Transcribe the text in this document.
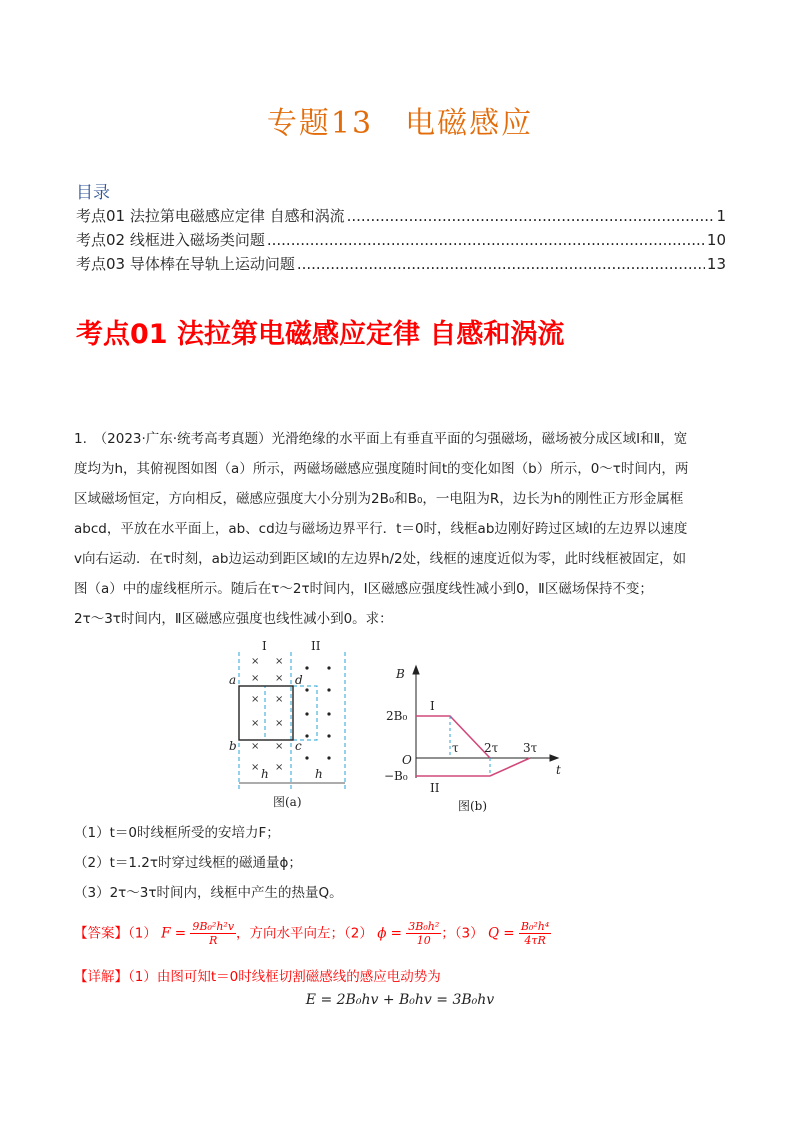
专题13　电磁感应
目录
考点01 法拉第电磁感应定律 自感和涡流 .....	1
考点02 线框进入磁场类问题 .....	10
考点03 导体棒在导轨上运动问题 .....	13
考点01 法拉第电磁感应定律 自感和涡流
1.　 （2023·广东·统考高考真题）光滑绝缘的水平面上有垂直平面的匀强磁场，磁场被分成区域Ⅰ和Ⅱ，宽
度均为h，其俯视图如图（a）所示，两磁场磁感应强度随时间t的变化如图（b）所示，0～τ时间内，两
区域磁场恒定，方向相反，磁感应强度大小分别为2B₀和B₀，一电阻为R，边长为h的刚性正方形金属框
abcd，平放在水平面上，ab、cd边与磁场边界平行．t＝0时，线框ab边刚好跨过区域Ⅰ的左边界以速度
v向右运动．在τ时刻，ab边运动到距区域Ⅰ的左边界h/2处，线框的速度近似为零，此时线框被固定，如
图（a）中的虚线框所示。随后在τ～2τ时间内，Ⅰ区磁感应强度线性减小到0，Ⅱ区磁场保持不变；
2τ～3τ时间内，Ⅱ区磁感应强度也线性减小到0。求：
× ×
× ×
× ×
× ×
× ×
× ×
I	II
a	d
b	c
h	h
图(a)
B
t
O
2B₀
−B₀
I
II
τ 2τ 3τ
图(b)
（1）t＝0时线框所受的安培力F；
（2）t＝1.2τ时穿过线框的磁通量ϕ；
（3）2τ～3τ时间内，线框中产生的热量Q。
【答案】（1） $F = \frac{\text{9B₀²h²v}}{R}$ ，方向水平向左；（2） $\phi = \frac{\text{3B₀h²}}{10}$ ；（3） $Q = \frac{\text{B₀²h⁴}}{4\tau R}$
【详解】（1）由图可知t＝0时线框切割磁感线的感应电动势为
E = 2B₀hv + B₀hv = 3B₀hv
